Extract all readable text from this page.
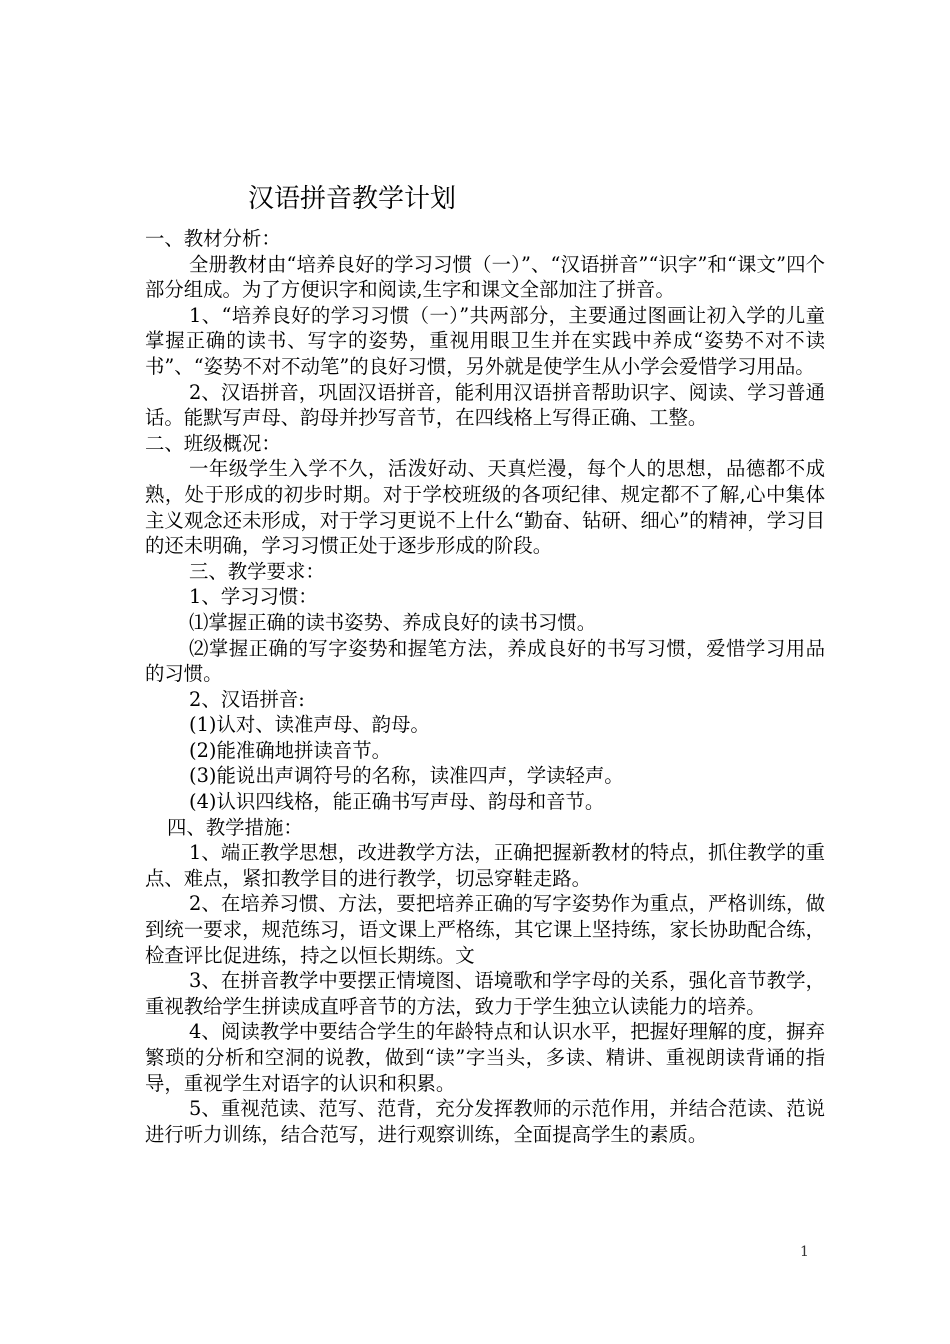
汉语拼音教学计划

一、教材分析：

全册教材由“培养良好的学习习惯（一）”、“汉语拼音”“识字”和“课文”四个部分组成。为了方便识字和阅读,生字和课文全部加注了拼音。

1、“培养良好的学习习惯（一）”共两部分，主要通过图画让初入学的儿童掌握正确的读书、写字的姿势，重视用眼卫生并在实践中养成“姿势不对不读书”、“姿势不对不动笔”的良好习惯，另外就是使学生从小学会爱惜学习用品。

2、汉语拼音，巩固汉语拼音，能利用汉语拼音帮助识字、阅读、学习普通话。能默写声母、韵母并抄写音节，在四线格上写得正确、工整。

二、班级概况：

一年级学生入学不久，活泼好动、天真烂漫，每个人的思想，品德都不成熟，处于形成的初步时期。对于学校班级的各项纪律、规定都不了解,心中集体主义观念还未形成，对于学习更说不上什么“勤奋、钻研、细心”的精神，学习目的还未明确，学习习惯正处于逐步形成的阶段。

三、教学要求：

1、学习习惯：

⑴掌握正确的读书姿势、养成良好的读书习惯。

⑵掌握正确的写字姿势和握笔方法，养成良好的书写习惯，爱惜学习用品的习惯。

2、汉语拼音:

(1)认对、读准声母、韵母。

(2)能准确地拼读音节。

(3)能说出声调符号的名称，读准四声，学读轻声。

(4)认识四线格，能正确书写声母、韵母和音节。

四、教学措施：

1、端正教学思想，改进教学方法，正确把握新教材的特点，抓住教学的重点、难点，紧扣教学目的进行教学，切忌穿鞋走路。

2、在培养习惯、方法，要把培养正确的写字姿势作为重点，严格训练，做到统一要求，规范练习，语文课上严格练，其它课上坚持练，家长协助配合练，检查评比促进练，持之以恒长期练。文

3、在拼音教学中要摆正情境图、语境歌和学字母的关系，强化音节教学，重视教给学生拼读成直呼音节的方法，致力于学生独立认读能力的培养。

4、阅读教学中要结合学生的年龄特点和认识水平，把握好理解的度，摒弃繁琐的分析和空洞的说教，做到“读”字当头，多读、精讲、重视朗读背诵的指导，重视学生对语字的认识和积累。

5、重视范读、范写、范背，充分发挥教师的示范作用，并结合范读、范说进行听力训练，结合范写，进行观察训练，全面提高学生的素质。

1
